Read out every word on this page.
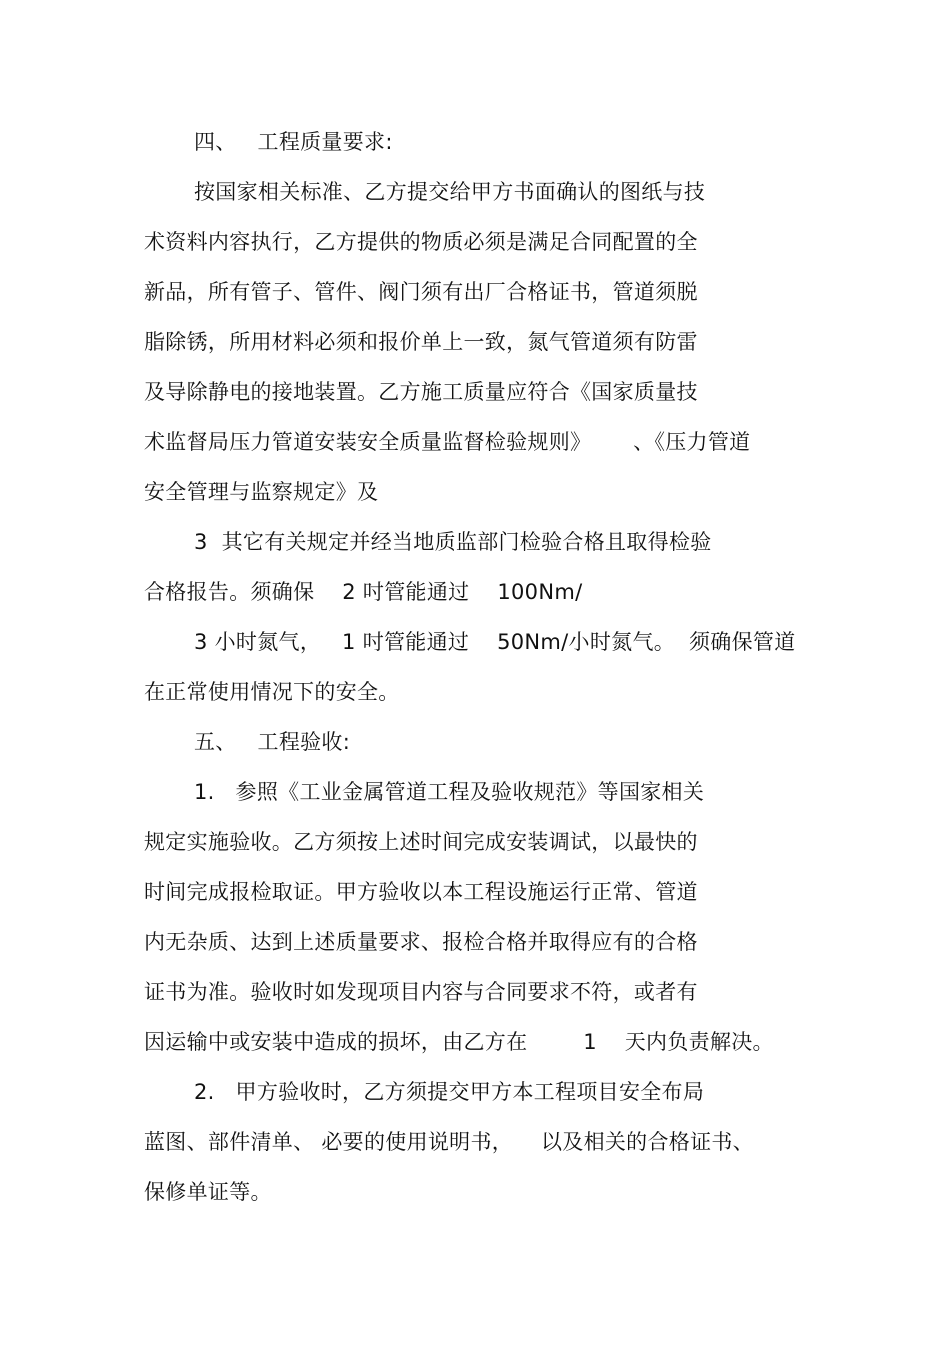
四、   工程质量要求:
按国家相关标准、乙方提交给甲方书面确认的图纸与技
术资料内容执行，乙方提供的物质必须是满足合同配置的全
新品，所有管子、管件、阀门须有出厂合格证书，管道须脱
脂除锈，所用材料必须和报价单上一致，氮气管道须有防雷
及导除静电的接地装置。乙方施工质量应符合《国家质量技
术监督局压力管道安装安全质量监督检验规则》      、《压力管道
安全管理与监察规定》及
3  其它有关规定并经当地质监部门检验合格且取得检验
合格报告。须确保    2 吋管能通过    100Nm/
3 小时氮气，   1 吋管能通过    50Nm/小时氮气。  须确保管道
在正常使用情况下的安全。
五、   工程验收:
1.   参照《工业金属管道工程及验收规范》等国家相关
规定实施验收。乙方须按上述时间完成安装调试，以最快的
时间完成报检取证。甲方验收以本工程设施运行正常、管道
内无杂质、达到上述质量要求、报检合格并取得应有的合格
证书为准。验收时如发现项目内容与合同要求不符，或者有
因运输中或安装中造成的损坏，由乙方在        1    天内负责解决。
2.   甲方验收时，乙方须提交甲方本工程项目安全布局
蓝图、部件清单、 必要的使用说明书，    以及相关的合格证书、
保修单证等。
